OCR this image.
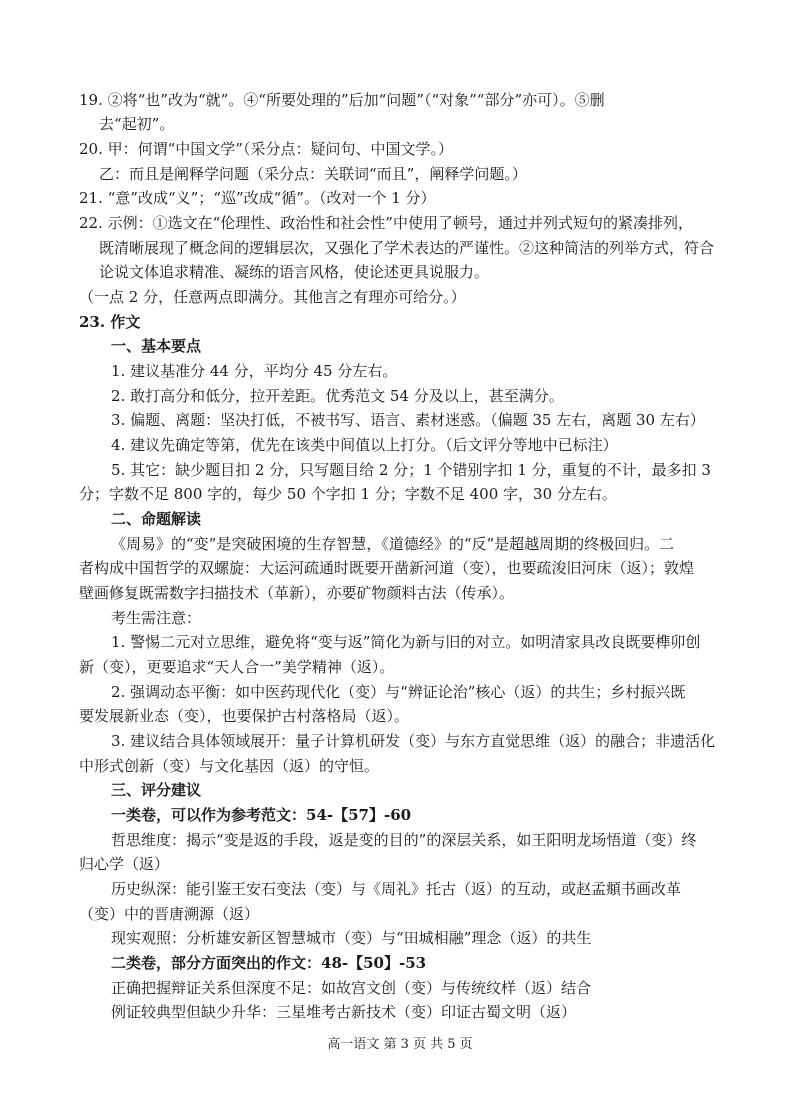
19. ②将“也”改为“就”。④“所要处理的”后加“问题”（“对象”“部分”亦可）。⑤删
去“起初”。
20. 甲：何谓“中国文学”（采分点：疑问句、中国文学。）
乙：而且是阐释学问题（采分点：关联词“而且”，阐释学问题。）
21. “意”改成“义”；“巡”改成“循”。（改对一个 1 分）
22. 示例：①选文在“伦理性、政治性和社会性”中使用了顿号，通过并列式短句的紧凑排列，
既清晰展现了概念间的逻辑层次，又强化了学术表达的严谨性。②这种简洁的列举方式，符合
论说文体追求精准、凝练的语言风格，使论述更具说服力。
（一点 2 分，任意两点即满分。其他言之有理亦可给分。）
23. 作文
一、基本要点
1. 建议基准分 44 分，平均分 45 分左右。
2. 敢打高分和低分，拉开差距。优秀范文 54 分及以上，甚至满分。
3. 偏题、离题：坚决打低，不被书写、语言、素材迷惑。（偏题 35 左右，离题 30 左右）
4. 建议先确定等第，优先在该类中间值以上打分。（后文评分等地中已标注）
5. 其它：缺少题目扣 2 分，只写题目给 2 分；1 个错别字扣 1 分，重复的不计，最多扣 3
分；字数不足 800 字的，每少 50 个字扣 1 分；字数不足 400 字，30 分左右。
二、命题解读
《周易》的“变”是突破困境的生存智慧，《道德经》的“反”是超越周期的终极回归。二
者构成中国哲学的双螺旋：大运河疏通时既要开凿新河道（变），也要疏浚旧河床（返）；敦煌
壁画修复既需数字扫描技术（革新），亦要矿物颜料古法（传承）。
考生需注意：
1. 警惕二元对立思维，避免将“变与返”简化为新与旧的对立。如明清家具改良既要榫卯创
新（变），更要追求“天人合一”美学精神（返）。
2. 强调动态平衡：如中医药现代化（变）与“辨证论治”核心（返）的共生；乡村振兴既
要发展新业态（变），也要保护古村落格局（返）。
3. 建议结合具体领域展开：量子计算机研发（变）与东方直觉思维（返）的融合；非遗活化
中形式创新（变）与文化基因（返）的守恒。
三、评分建议
一类卷，可以作为参考范文：54-【57】-60
哲思维度：揭示“变是返的手段，返是变的目的”的深层关系，如王阳明龙场悟道（变）终
归心学（返）
历史纵深：能引鉴王安石变法（变）与《周礼》托古（返）的互动，或赵孟頫书画改革
（变）中的晋唐溯源（返）
现实观照：分析雄安新区智慧城市（变）与“田城相融”理念（返）的共生
二类卷，部分方面突出的作文：48-【50】-53
正确把握辩证关系但深度不足：如故宫文创（变）与传统纹样（返）结合
例证较典型但缺少升华：三星堆考古新技术（变）印证古蜀文明（返）
高一语文 第 3 页 共 5 页
